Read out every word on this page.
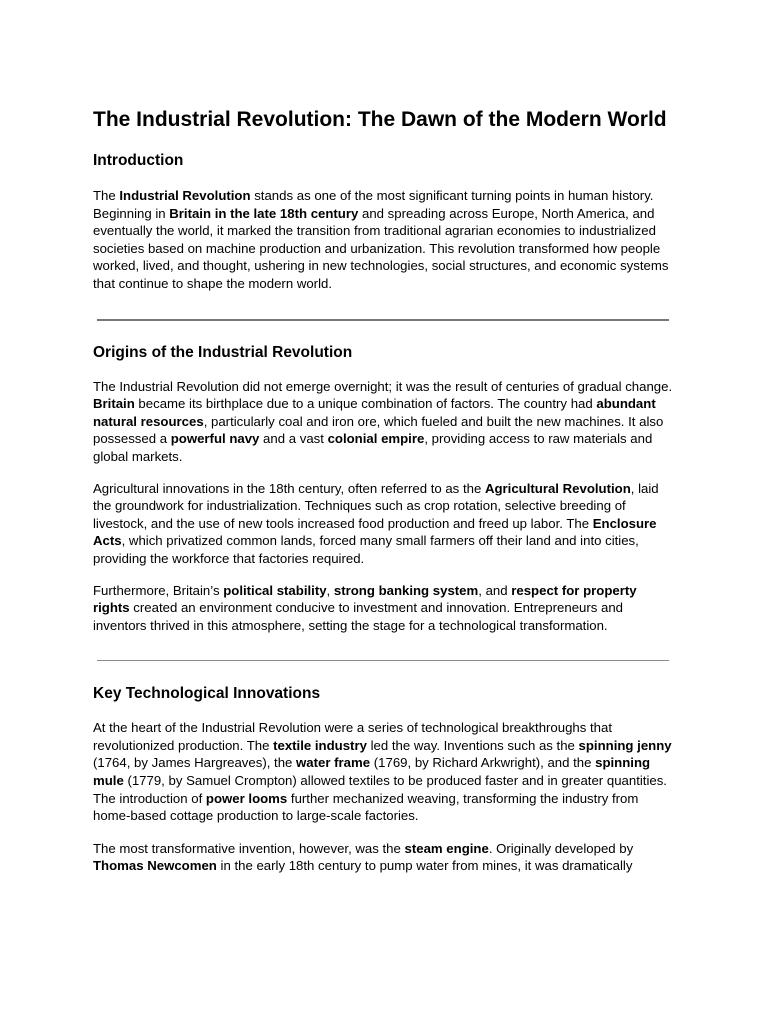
The Industrial Revolution: The Dawn of the Modern World
Introduction

The Industrial Revolution stands as one of the most significant turning points in human history. Beginning in Britain in the late 18th century and spreading across Europe, North America, and eventually the world, it marked the transition from traditional agrarian economies to industrialized societies based on machine production and urbanization. This revolution transformed how people worked, lived, and thought, ushering in new technologies, social structures, and economic systems that continue to shape the modern world.

Origins of the Industrial Revolution

The Industrial Revolution did not emerge overnight; it was the result of centuries of gradual change. Britain became its birthplace due to a unique combination of factors. The country had abundant natural resources, particularly coal and iron ore, which fueled and built the new machines. It also possessed a powerful navy and a vast colonial empire, providing access to raw materials and global markets.

Agricultural innovations in the 18th century, often referred to as the Agricultural Revolution, laid the groundwork for industrialization. Techniques such as crop rotation, selective breeding of livestock, and the use of new tools increased food production and freed up labor. The Enclosure Acts, which privatized common lands, forced many small farmers off their land and into cities, providing the workforce that factories required.

Furthermore, Britain’s political stability, strong banking system, and respect for property rights created an environment conducive to investment and innovation. Entrepreneurs and inventors thrived in this atmosphere, setting the stage for a technological transformation.

Key Technological Innovations

At the heart of the Industrial Revolution were a series of technological breakthroughs that revolutionized production. The textile industry led the way. Inventions such as the spinning jenny (1764, by James Hargreaves), the water frame (1769, by Richard Arkwright), and the spinning mule (1779, by Samuel Crompton) allowed textiles to be produced faster and in greater quantities. The introduction of power looms further mechanized weaving, transforming the industry from home-based cottage production to large-scale factories.

The most transformative invention, however, was the steam engine. Originally developed by Thomas Newcomen in the early 18th century to pump water from mines, it was dramatically
